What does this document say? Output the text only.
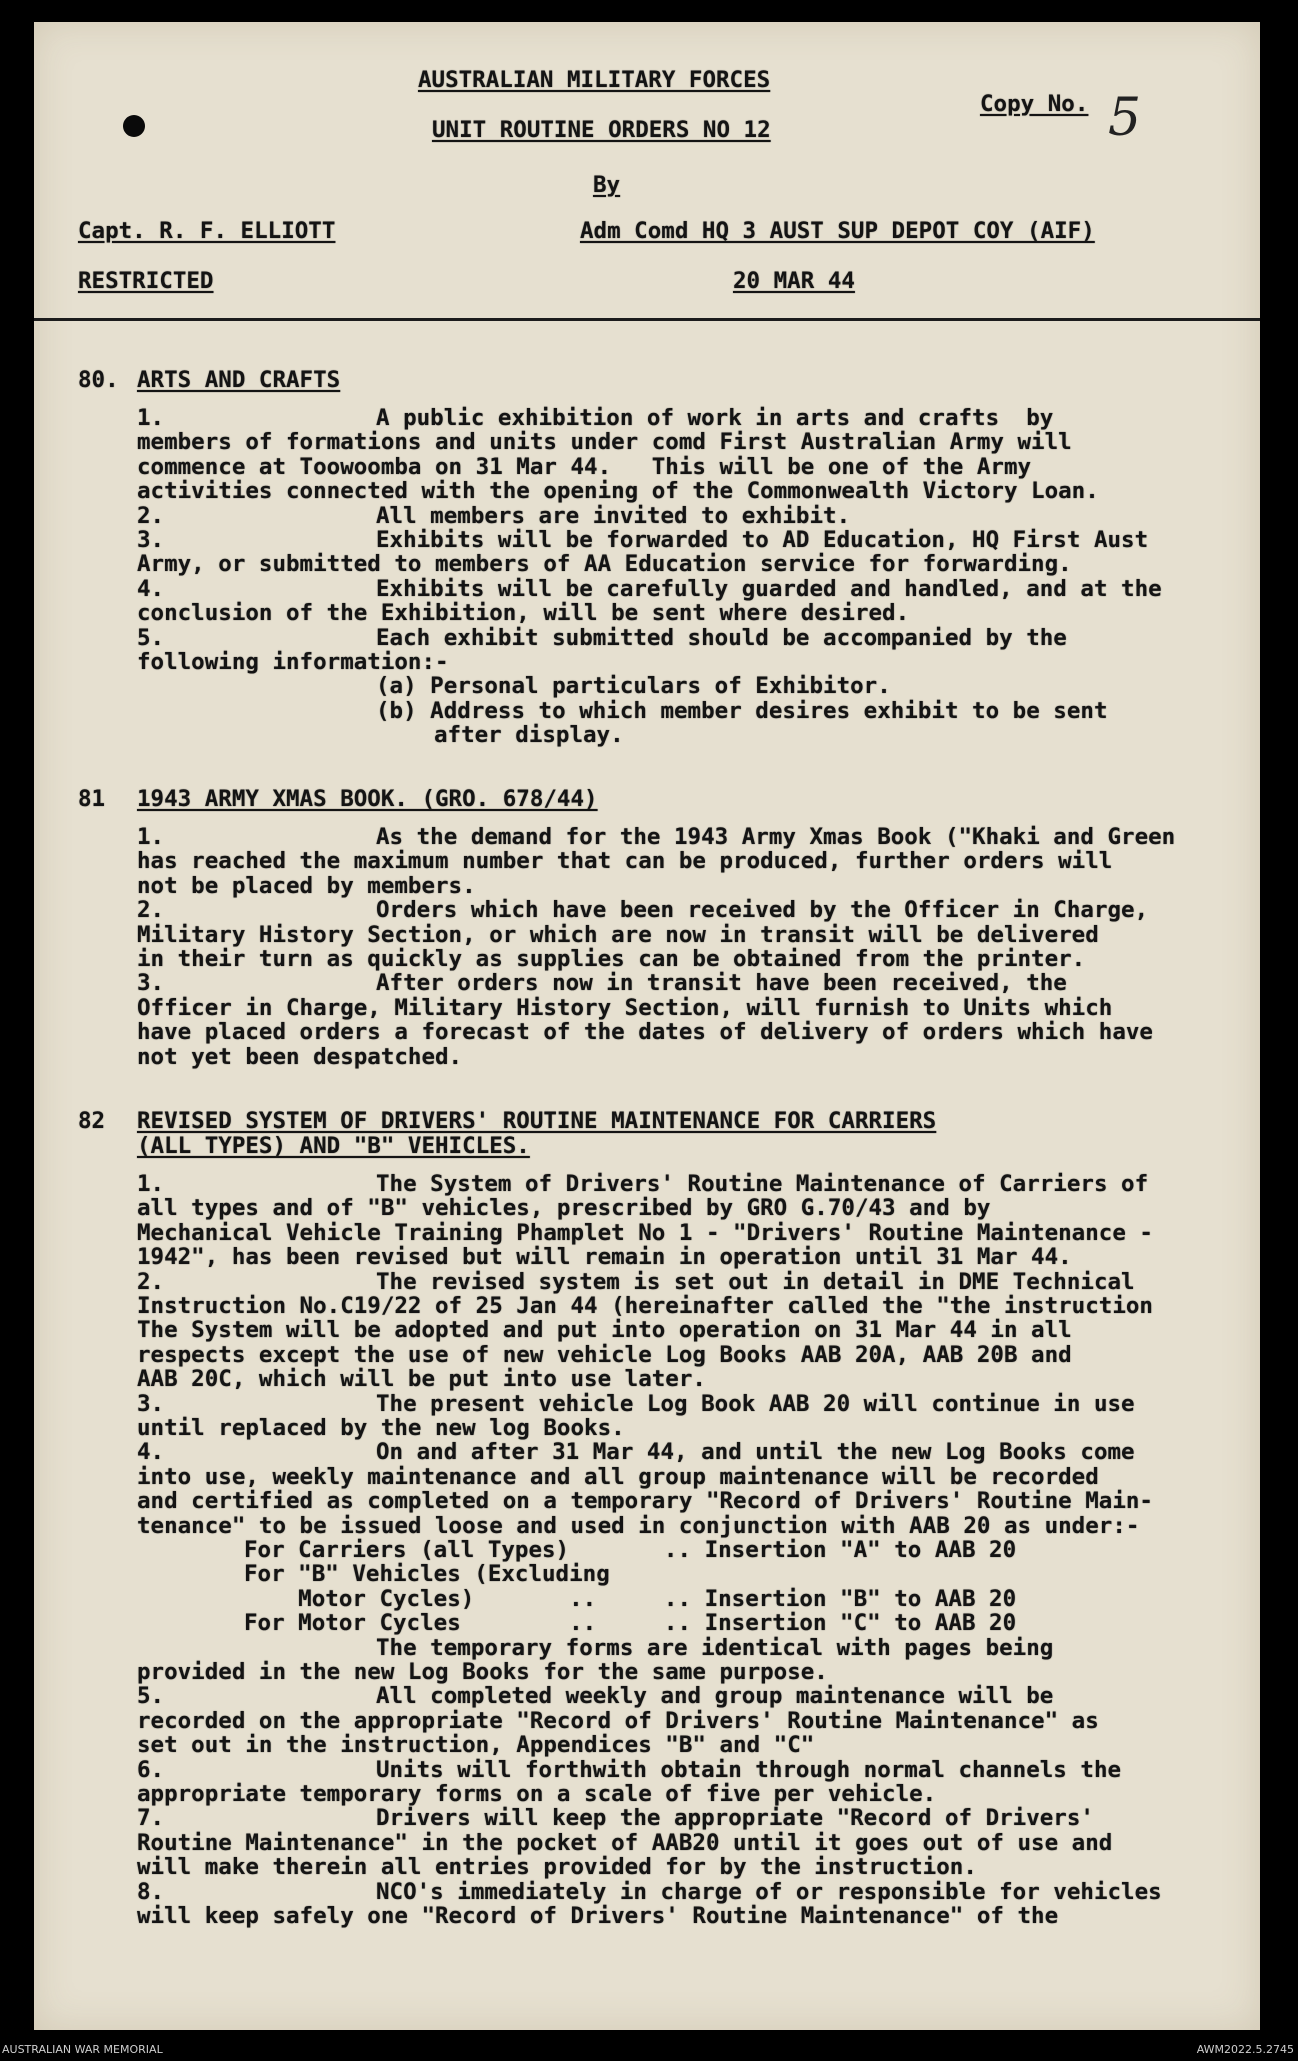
AUSTRALIAN MILITARY FORCES

Copy No. 5

UNIT ROUTINE ORDERS NO 12

By

Capt. R. F. ELLIOTT	Adm Comd HQ 3 AUST SUP DEPOT COY (AIF)

RESTRICTED	20 MAR 44

80. ARTS AND CRAFTS

1.	A public exhibition of work in arts and crafts  by

members of formations and units under comd First Australian Army will

commence at Toowoomba on 31 Mar 44.   This will be one of the Army

activities connected with the opening of the Commonwealth Victory Loan.

2.	All members are invited to exhibit.

3.	Exhibits will be forwarded to AD Education, HQ First Aust

Army, or submitted to members of AA Education service for forwarding.

4.	Exhibits will be carefully guarded and handled, and at the

conclusion of the Exhibition, will be sent where desired.

5.	Each exhibit submitted should be accompanied by the

following information:-

(a) Personal particulars of Exhibitor.

(b) Address to which member desires exhibit to be sent

after display.

81 1943 ARMY XMAS BOOK. (GRO. 678/44)

1.	As the demand for the 1943 Army Xmas Book ("Khaki and Green

has reached the maximum number that can be produced, further orders will

not be placed by members.

2.	Orders which have been received by the Officer in Charge,

Military History Section, or which are now in transit will be delivered

in their turn as quickly as supplies can be obtained from the printer.

3.	After orders now in transit have been received, the

Officer in Charge, Military History Section, will furnish to Units which

have placed orders a forecast of the dates of delivery of orders which have

not yet been despatched.

82 REVISED SYSTEM OF DRIVERS' ROUTINE MAINTENANCE FOR CARRIERS

(ALL TYPES) AND "B" VEHICLES.

1.	The System of Drivers' Routine Maintenance of Carriers of

all types and of "B" vehicles, prescribed by GRO G.70/43 and by

Mechanical Vehicle Training Phamplet No 1 - "Drivers' Routine Maintenance -

1942", has been revised but will remain in operation until 31 Mar 44.

2.	The revised system is set out in detail in DME Technical

Instruction No.C19/22 of 25 Jan 44 (hereinafter called the "the instruction

The System will be adopted and put into operation on 31 Mar 44 in all

respects except the use of new vehicle Log Books AAB 20A, AAB 20B and

AAB 20C, which will be put into use later.

3.	The present vehicle Log Book AAB 20 will continue in use

until replaced by the new log Books.

4.	On and after 31 Mar 44, and until the new Log Books come

into use, weekly maintenance and all group maintenance will be recorded

and certified as completed on a temporary "Record of Drivers' Routine Main-

tenance" to be issued loose and used in conjunction with AAB 20 as under:-

For Carriers (all Types)       .. Insertion "A" to AAB 20

For "B" Vehicles (Excluding

Motor Cycles)       ..     .. Insertion "B" to AAB 20

For Motor Cycles        ..     .. Insertion "C" to AAB 20

The temporary forms are identical with pages being

provided in the new Log Books for the same purpose.

5.	All completed weekly and group maintenance will be

recorded on the appropriate "Record of Drivers' Routine Maintenance" as

set out in the instruction, Appendices "B" and "C"

6.	Units will forthwith obtain through normal channels the

appropriate temporary forms on a scale of five per vehicle.

7.	Drivers will keep the appropriate "Record of Drivers'

Routine Maintenance" in the pocket of AAB20 until it goes out of use and

will make therein all entries provided for by the instruction.

8.	NCO's immediately in charge of or responsible for vehicles

will keep safely one "Record of Drivers' Routine Maintenance" of the

AUSTRALIAN WAR MEMORIAL	AWM2022.5.2745
